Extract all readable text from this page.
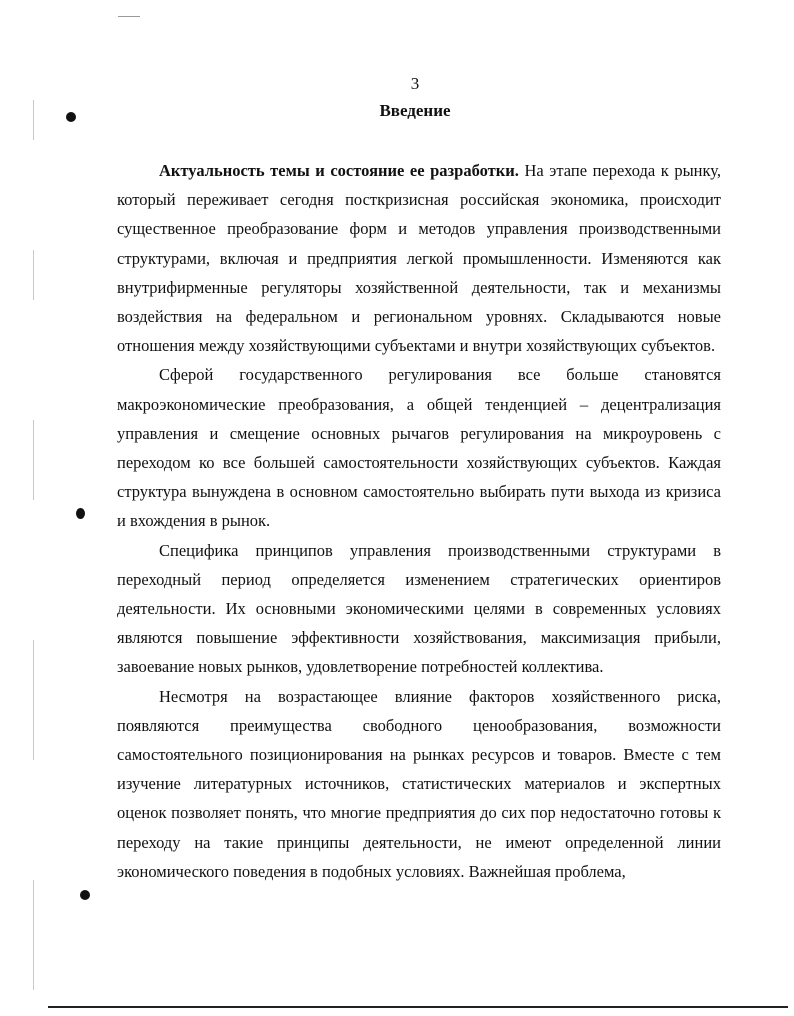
3
Введение

Актуальность темы и состояние ее разработки. На этапе перехода к рынку, который переживает сегодня посткризисная российская экономика, происходит существенное преобразование форм и методов управления производственными структурами, включая и предприятия легкой промышленности. Изменяются как внутрифирменные регуляторы хозяйственной деятельности, так и механизмы воздействия на федеральном и региональном уровнях. Складываются новые отношения между хозяйствующими субъектами и внутри хозяйствующих субъектов.

Сферой государственного регулирования все больше становятся макроэкономические преобразования, а общей тенденцией – децентрализация управления и смещение основных рычагов регулирования на микроуровень с переходом ко все большей самостоятельности хозяйствующих субъектов. Каждая структура вынуждена в основном самостоятельно выбирать пути выхода из кризиса и вхождения в рынок.

Специфика принципов управления производственными структурами в переходный период определяется изменением стратегических ориентиров деятельности. Их основными экономическими целями в современных условиях являются повышение эффективности хозяйствования, максимизация прибыли, завоевание новых рынков, удовлетворение потребностей коллектива.

Несмотря на возрастающее влияние факторов хозяйственного риска, появляются преимущества свободного ценообразования, возможности самостоятельного позиционирования на рынках ресурсов и товаров. Вместе с тем изучение литературных источников, статистических материалов и экспертных оценок позволяет понять, что многие предприятия до сих пор недостаточно готовы к переходу на такие принципы деятельности, не имеют определенной линии экономического поведения в подобных условиях. Важнейшая проблема,
